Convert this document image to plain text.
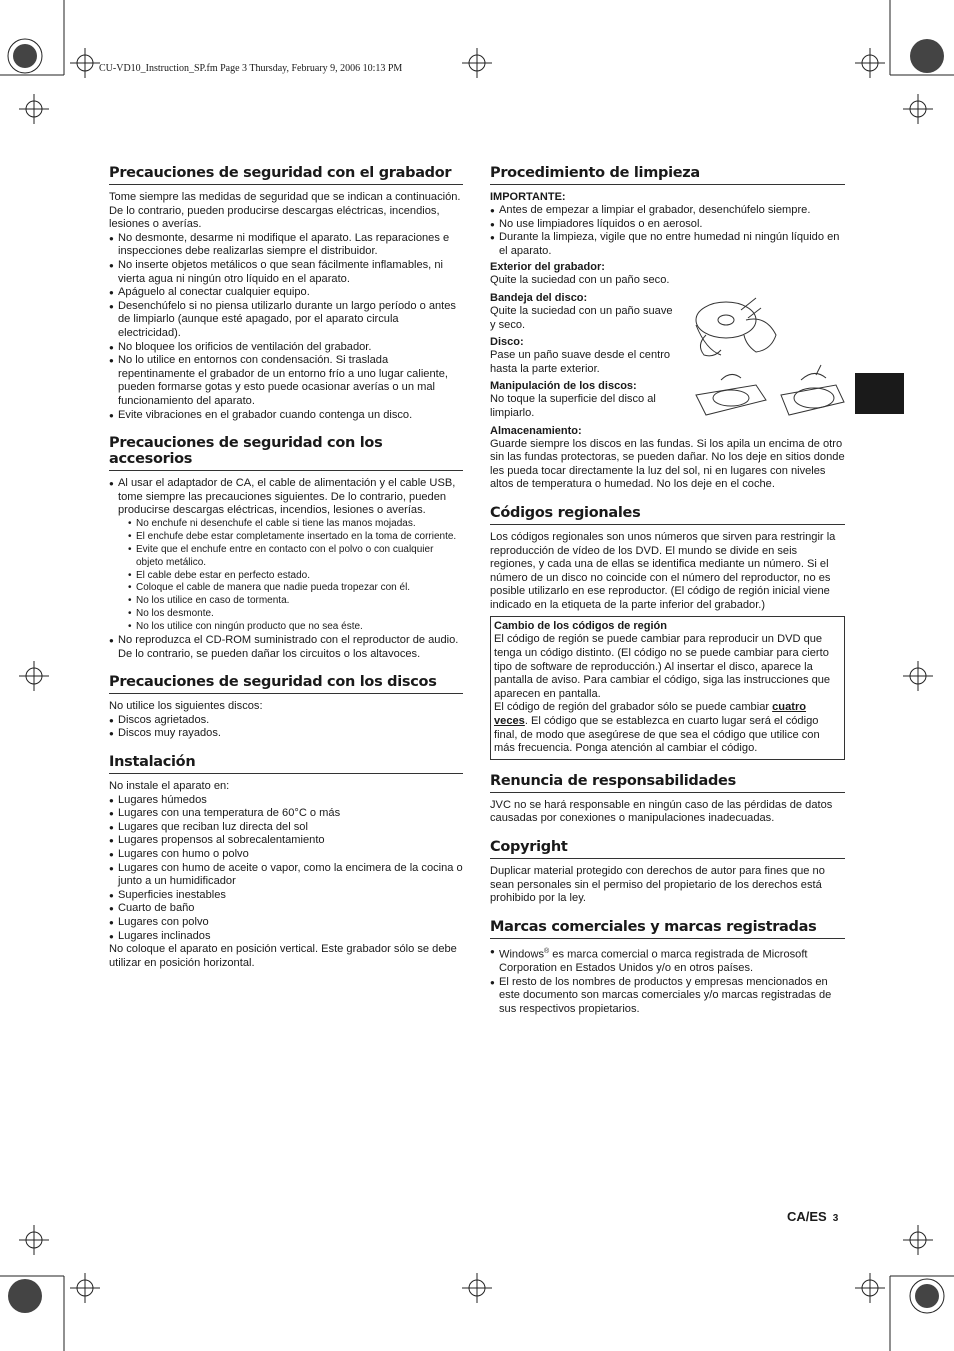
CU-VD10_Instruction_SP.fm Page 3 Thursday, February 9, 2006 10:13 PM
Precauciones de seguridad con el grabador

Tome siempre las medidas de seguridad que se indican a continuación. De lo contrario, pueden producirse descargas eléctricas, incendios, lesiones o averías.

● No desmonte, desarme ni modifique el aparato. Las reparaciones e inspecciones debe realizarlas siempre el distribuidor.
● No inserte objetos metálicos o que sean fácilmente inflamables, ni vierta agua ni ningún otro líquido en el aparato.
● Apáguelo al conectar cualquier equipo.
● Desenchúfelo si no piensa utilizarlo durante un largo período o antes de limpiarlo (aunque esté apagado, por el aparato circula electricidad).
● No bloquee los orificios de ventilación del grabador.
● No lo utilice en entornos con condensación. Si traslada repentinamente el grabador de un entorno frío a uno lugar caliente, pueden formarse gotas y esto puede ocasionar averías o un mal funcionamiento del aparato.
● Evite vibraciones en el grabador cuando contenga un disco.
Precauciones de seguridad con los accesorios
● Al usar el adaptador de CA, el cable de alimentación y el cable USB, tome siempre las precauciones siguientes. De lo contrario, pueden producirse descargas eléctricas, incendios, lesiones o averías.
• No enchufe ni desenchufe el cable si tiene las manos mojadas.
• El enchufe debe estar completamente insertado en la toma de corriente.
• Evite que el enchufe entre en contacto con el polvo o con cualquier objeto metálico.
• El cable debe estar en perfecto estado.
• Coloque el cable de manera que nadie pueda tropezar con él.
• No los utilice en caso de tormenta.
• No los desmonte.
• No los utilice con ningún producto que no sea éste.
● No reproduzca el CD-ROM suministrado con el reproductor de audio. De lo contrario, se pueden dañar los circuitos o los altavoces.
Precauciones de seguridad con los discos

No utilice los siguientes discos:

● Discos agrietados.
● Discos muy rayados.
Instalación

No instale el aparato en:

● Lugares húmedos
● Lugares con una temperatura de 60°C o más
● Lugares que reciban luz directa del sol
● Lugares propensos al sobrecalentamiento
● Lugares con humo o polvo
● Lugares con humo de aceite o vapor, como la encimera de la cocina o junto a un humidificador
● Superficies inestables
● Cuarto de baño
● Lugares con polvo
● Lugares inclinados

No coloque el aparato en posición vertical. Este grabador sólo se debe utilizar en posición horizontal.

Procedimiento de limpieza
IMPORTANTE:
● Antes de empezar a limpiar el grabador, desenchúfelo siempre.
● No use limpiadores líquidos o en aerosol.
● Durante la limpieza, vigile que no entre humedad ni ningún líquido en el aparato.
Exterior del grabador:

Quite la suciedad con un paño seco.

Bandeja del disco:

Quite la suciedad con un paño suave y seco.

Disco:

Pase un paño suave desde el centro hasta la parte exterior.

Manipulación de los discos:

No toque la superficie del disco al limpiarlo.

Almacenamiento:

Guarde siempre los discos en las fundas. Si los apila un encima de otro sin las fundas protectoras, se pueden dañar. No los deje en sitios donde les pueda tocar directamente la luz del sol, ni en lugares con niveles altos de temperatura o humedad. No los deje en el coche.

Códigos regionales

Los códigos regionales son unos números que sirven para restringir la reproducción de vídeo de los DVD. El mundo se divide en seis regiones, y cada una de ellas se identifica mediante un número. Si el número de un disco no coincide con el número del reproductor, no es posible utilizarlo en ese reproductor. (El código de región inicial viene indicado en la etiqueta de la parte inferior del grabador.)

Cambio de los códigos de región

El código de región se puede cambiar para reproducir un DVD que tenga un código distinto. (El código no se puede cambiar para cierto tipo de software de reproducción.) Al insertar el disco, aparece la pantalla de aviso. Para cambiar el código, siga las instrucciones que aparecen en pantalla.

El código de región del grabador sólo se puede cambiar cuatro veces. El código que se establezca en cuarto lugar será el código final, de modo que asegúrese de que sea el código que utilice con más frecuencia. Ponga atención al cambiar el código.

Renuncia de responsabilidades

JVC no se hará responsable en ningún caso de las pérdidas de datos causadas por conexiones o manipulaciones inadecuadas.

Copyright

Duplicar material protegido con derechos de autor para fines que no sean personales sin el permiso del propietario de los derechos está prohibido por la ley.

Marcas comerciales y marcas registradas
● Windows® es marca comercial o marca registrada de Microsoft Corporation en Estados Unidos y/o en otros países.
● El resto de los nombres de productos y empresas mencionados en este documento son marcas comerciales y/o marcas registradas de sus respectivos propietarios.
CA/ES 3
